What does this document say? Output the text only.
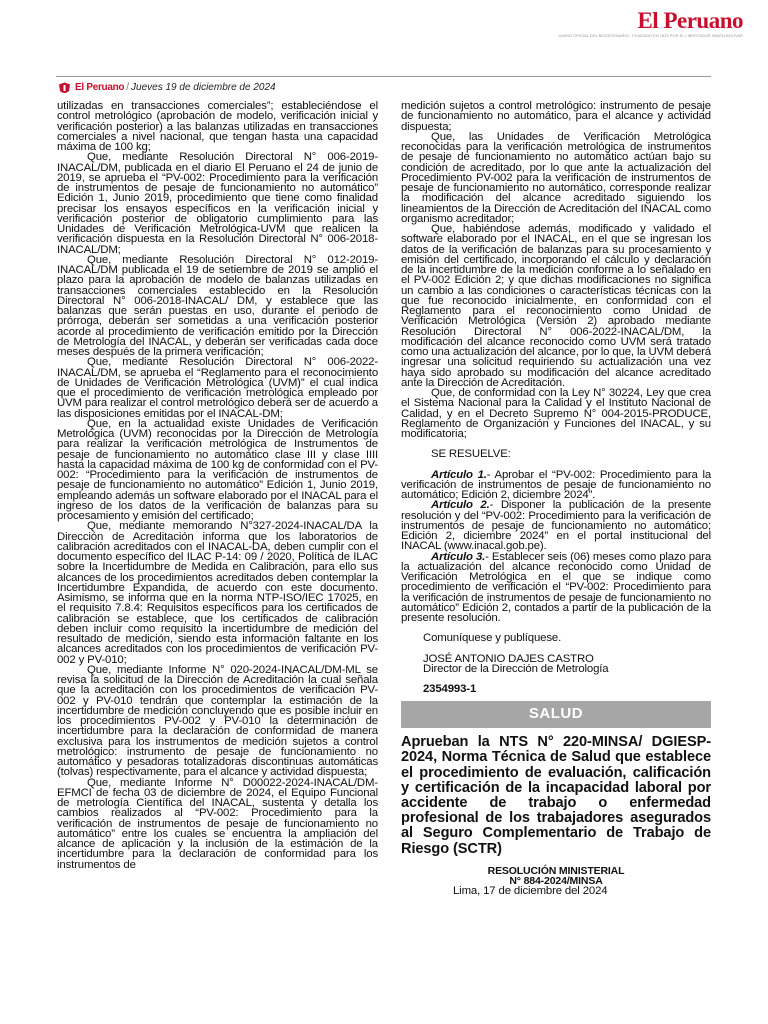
El Peruano
DIARIO OFICIAL DEL BICENTENARIO · FUNDADO EN 1825 POR EL LIBERTADOR SIMÓN BOLÍVAR
El Peruano / Jueves 19 de diciembre de 2024

utilizadas en transacciones comerciales”; estableciéndose el control metrológico (aprobación de modelo, verificación inicial y verificación posterior) a las balanzas utilizadas en transacciones comerciales a nivel nacional, que tengan hasta una capacidad máxima de 100 kg;

Que, mediante Resolución Directoral N° 006-2019-INACAL/DM, publicada en el diario El Peruano el 24 de junio de 2019, se aprueba el “PV-002: Procedimiento para la verificación de instrumentos de pesaje de funcionamiento no automático” Edición 1, Junio 2019, procedimiento que tiene como finalidad precisar los ensayos específicos en la verificación inicial y verificación posterior de obligatorio cumplimiento para las Unidades de Verificación Metrológica-UVM que realicen la verificación dispuesta en la Resolución Directoral N° 006-2018-INACAL/DM;

Que, mediante Resolución Directoral N° 012-2019-INACAL/DM publicada el 19 de setiembre de 2019 se amplió el plazo para la aprobación de modelo de balanzas utilizadas en transacciones comerciales establecido en la Resolución Directoral N° 006-2018-INACAL/ DM, y establece que las balanzas que serán puestas en uso, durante el periodo de prórroga, deberán ser sometidas a una verificación posterior acorde al procedimiento de verificación emitido por la Dirección de Metrología del INACAL, y deberán ser verificadas cada doce meses después de la primera verificación;

Que, mediante Resolución Directoral N° 006-2022-INACAL/DM, se aprueba el “Reglamento para el reconocimiento de Unidades de Verificación Metrológica (UVM)” el cual indica que el procedimiento de verificación metrológica empleado por UVM para realizar el control metrológico deberá ser de acuerdo a las disposiciones emitidas por el INACAL-DM;

Que, en la actualidad existe Unidades de Verificación Metrológica (UVM) reconocidas por la Dirección de Metrología para realizar la verificación metrológica de Instrumentos de pesaje de funcionamiento no automático clase III y clase IIII hasta la capacidad máxima de 100 kg de conformidad con el PV-002: “Procedimiento para la verificación de instrumentos de pesaje de funcionamiento no automático” Edición 1, Junio 2019, empleando además un software elaborado por el INACAL para el ingreso de los datos de la verificación de balanzas para su procesamiento y emisión del certificado;

Que, mediante memorando N°327-2024-INACAL/DA la Dirección de Acreditación informa que los laboratorios de calibración acreditados con el INACAL-DA, deben cumplir con el documento específico del ILAC P-14: 09 / 2020, Política de ILAC sobre la Incertidumbre de Medida en Calibración, para ello sus alcances de los procedimientos acreditados deben contemplar la Incertidumbre Expandida, de acuerdo con este documento. Asimismo, se informa que en la norma NTP-ISO/IEC 17025, en el requisito 7.8.4: Requisitos específicos para los certificados de calibración se establece, que los certificados de calibración deben incluir como requisito la incertidumbre de medición del resultado de medición, siendo esta información faltante en los alcances acreditados con los procedimientos de verificación PV-002 y PV-010;

Que, mediante Informe N° 020-2024-INACAL/DM-ML se revisa la solicitud de la Dirección de Acreditación la cual señala que la acreditación con los procedimientos de verificación PV-002 y PV-010 tendrán que contemplar la estimación de la incertidumbre de medición concluyendo que es posible incluir en los procedimientos PV-002 y PV-010 la determinación de incertidumbre para la declaración de conformidad de manera exclusiva para los instrumentos de medición sujetos a control metrológico: instrumento de pesaje de funcionamiento no automático y pesadoras totalizadoras discontinuas automáticas (tolvas) respectivamente, para el alcance y actividad dispuesta;

Que, mediante Informe N° D00022-2024-INACAL/DM-EFMCI de fecha 03 de diciembre de 2024, el Equipo Funcional de metrología Científica del INACAL, sustenta y detalla los cambios realizados al “PV-002: Procedimiento para la verificación de instrumentos de pesaje de funcionamiento no automático” entre los cuales se encuentra la ampliación del alcance de aplicación y la inclusión de la estimación de la incertidumbre para la declaración de conformidad para los instrumentos de

medición sujetos a control metrológico: instrumento de pesaje de funcionamiento no automático, para el alcance y actividad dispuesta;

Que, las Unidades de Verificación Metrológica reconocidas para la verificación metrológica de instrumentos de pesaje de funcionamiento no automático actúan bajo su condición de acreditado, por lo que ante la actualización del Procedimiento PV-002 para la verificación de instrumentos de pesaje de funcionamiento no automático, corresponde realizar la modificación del alcance acreditado siguiendo los lineamientos de la Dirección de Acreditación del INACAL como organismo acreditador;

Que, habiéndose además, modificado y validado el software elaborado por el INACAL, en el que se ingresan los datos de la verificación de balanzas para su procesamiento y emisión del certificado, incorporando el cálculo y declaración de la incertidumbre de la medición conforme a lo señalado en el PV-002 Edición 2; y que dichas modificaciones no significa un cambio a las condiciones o características técnicas con la que fue reconocido inicialmente, en conformidad con el Reglamento para el reconocimiento como Unidad de Verificación Metrológica (Versión 2) aprobado mediante Resolución Directoral N° 006-2022-INACAL/DM, la modificación del alcance reconocido como UVM será tratado como una actualización del alcance, por lo que, la UVM deberá ingresar una solicitud requiriendo su actualización una vez haya sido aprobado su modificación del alcance acreditado ante la Dirección de Acreditación.

Que, de conformidad con la Ley N° 30224, Ley que crea el Sistema Nacional para la Calidad y el Instituto Nacional de Calidad, y en el Decreto Supremo N° 004-2015-PRODUCE, Reglamento de Organización y Funciones del INACAL, y su modificatoria;

SE RESUELVE:

Artículo 1.- Aprobar el “PV-002: Procedimiento para la verificación de instrumentos de pesaje de funcionamiento no automático; Edición 2, diciembre 2024”.

Artículo 2.- Disponer la publicación de la presente resolución y del “PV-002: Procedimiento para la verificación de instrumentos de pesaje de funcionamiento no automático; Edición 2, diciembre 2024” en el portal institucional del INACAL (www.inacal.gob.pe).

Artículo 3.- Establecer seis (06) meses como plazo para la actualización del alcance reconocido como Unidad de Verificación Metrológica en el que se indique como procedimiento de verificación el “PV-002: Procedimiento para la verificación de instrumentos de pesaje de funcionamiento no automático” Edición 2, contados a partir de la publicación de la presente resolución.

Comuníquese y publíquese.

JOSÉ ANTONIO DAJES CASTRO

Director de la Dirección de Metrología

2354993-1

SALUD
Aprueban la NTS N° 220-MINSA/ DGIESP-2024, Norma Técnica de Salud que establece el procedimiento de evaluación, calificación y certificación de la incapacidad laboral por accidente de trabajo o enfermedad profesional de los trabajadores asegurados al Seguro Complementario de Trabajo de Riesgo (SCTR)
RESOLUCIÓN MINISTERIAL
N° 884-2024/MINSA

Lima, 17 de diciembre del 2024
